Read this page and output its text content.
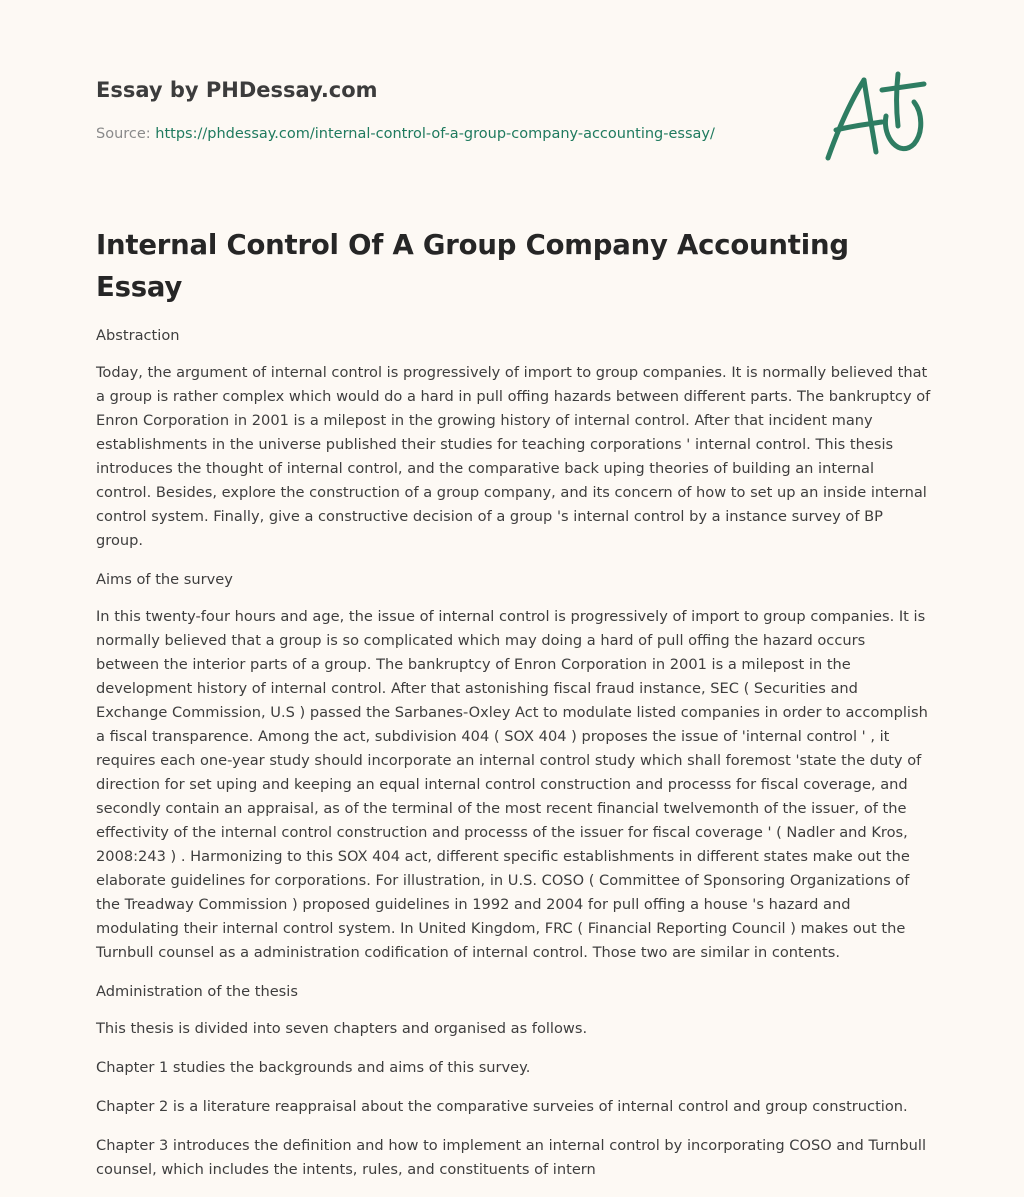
Essay by PHDessay.com
Source: https://phdessay.com/internal-control-of-a-group-company-accounting-essay/
Internal Control Of A Group Company Accounting Essay
Abstraction

Today, the argument of internal control is progressively of import to group companies. It is normally believed that a group is rather complex which would do a hard in pull offing hazards between different parts. The bankruptcy of Enron Corporation in 2001 is a milepost in the growing history of internal control. After that incident many establishments in the universe published their studies for teaching corporations ' internal control. This thesis introduces the thought of internal control, and the comparative back uping theories of building an internal control. Besides, explore the construction of a group company, and its concern of how to set up an inside internal control system. Finally, give a constructive decision of a group 's internal control by a instance survey of BP group.

Aims of the survey

In this twenty-four hours and age, the issue of internal control is progressively of import to group companies. It is normally believed that a group is so complicated which may doing a hard of pull offing the hazard occurs between the interior parts of a group. The bankruptcy of Enron Corporation in 2001 is a milepost in the development history of internal control. After that astonishing fiscal fraud instance, SEC ( Securities and Exchange Commission, U.S ) passed the Sarbanes-Oxley Act to modulate listed companies in order to accomplish a fiscal transparence. Among the act, subdivision 404 ( SOX 404 ) proposes the issue of 'internal control ' , it requires each one-year study should incorporate an internal control study which shall foremost 'state the duty of direction for set uping and keeping an equal internal control construction and processs for fiscal coverage, and secondly contain an appraisal, as of the terminal of the most recent financial twelvemonth of the issuer, of the effectivity of the internal control construction and processs of the issuer for fiscal coverage ' ( Nadler and Kros, 2008:243 ) . Harmonizing to this SOX 404 act, different specific establishments in different states make out the elaborate guidelines for corporations. For illustration, in U.S. COSO ( Committee of Sponsoring Organizations of the Treadway Commission ) proposed guidelines in 1992 and 2004 for pull offing a house 's hazard and modulating their internal control system. In United Kingdom, FRC ( Financial Reporting Council ) makes out the Turnbull counsel as a administration codification of internal control. Those two are similar in contents.

Administration of the thesis

This thesis is divided into seven chapters and organised as follows.

Chapter 1 studies the backgrounds and aims of this survey.

Chapter 2 is a literature reappraisal about the comparative surveies of internal control and group construction.

Chapter 3 introduces the definition and how to implement an internal control by incorporating COSO and Turnbull counsel, which includes the intents, rules, and constituents of intern
